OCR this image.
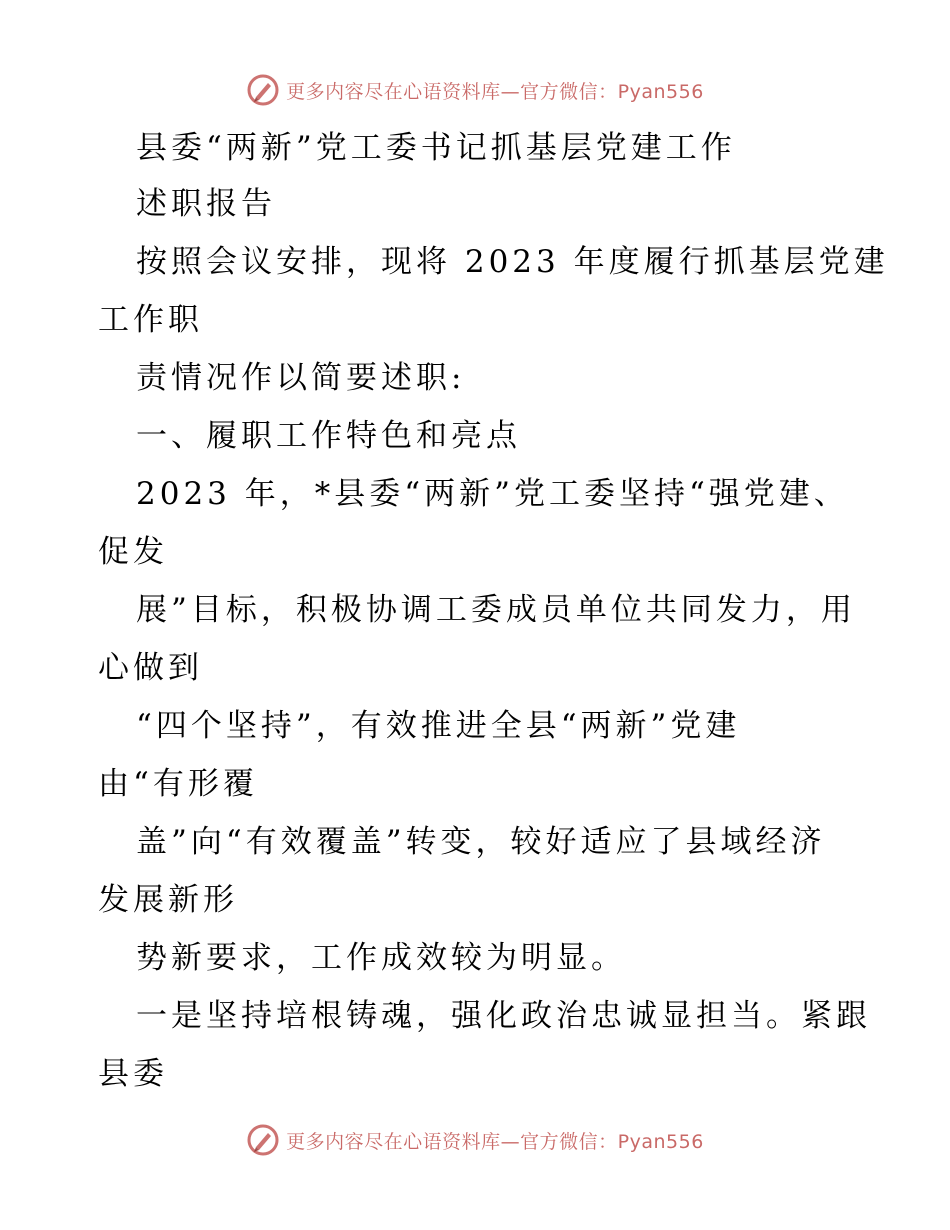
更多内容尽在心语资料库—官方微信：Pyan556
县委“两新”党工委书记抓基层党建工作
述职报告
按照会议安排，现将 2023 年度履行抓基层党建
工作职
责情况作以简要述职:
一、履职工作特色和亮点
2023 年，*县委“两新”党工委坚持“强党建、
促发
展”目标，积极协调工委成员单位共同发力，用
心做到
“四个坚持”，有效推进全县“两新”党建
由“有形覆
盖”向“有效覆盖”转变，较好适应了县域经济
发展新形
势新要求，工作成效较为明显。
一是坚持培根铸魂，强化政治忠诚显担当。紧跟
县委
更多内容尽在心语资料库—官方微信：Pyan556
